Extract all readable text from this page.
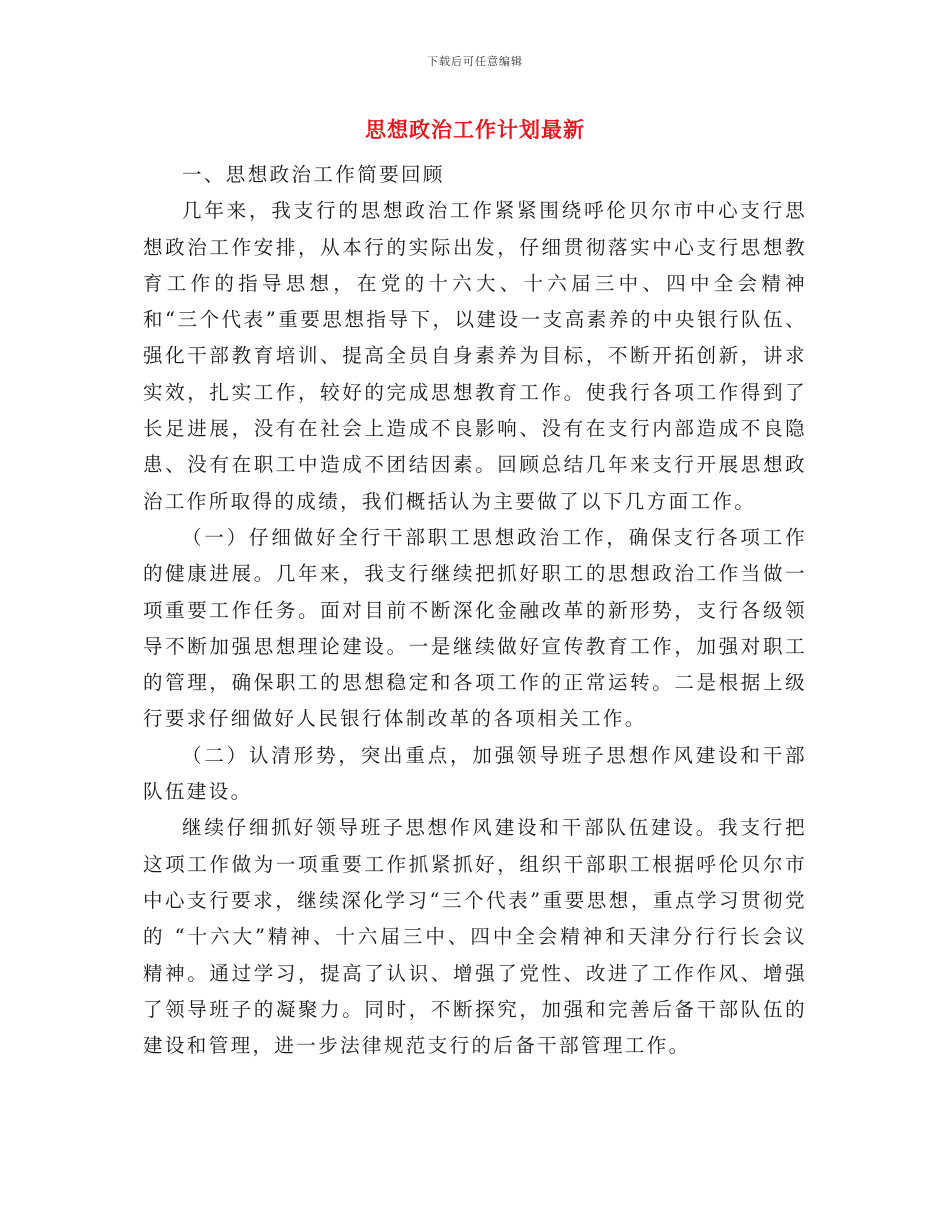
下载后可任意编辑
思想政治工作计划最新

一、思想政治工作简要回顾

几年来，我支行的思想政治工作紧紧围绕呼伦贝尔市中心支行思想政治工作安排，从本行的实际出发，仔细贯彻落实中心支行思想教育工作的指导思想，在党的十六大、十六届三中、四中全会精神和“三个代表”重要思想指导下，以建设一支高素养的中央银行队伍、强化干部教育培训、提高全员自身素养为目标，不断开拓创新，讲求实效，扎实工作，较好的完成思想教育工作。使我行各项工作得到了长足进展，没有在社会上造成不良影响、没有在支行内部造成不良隐患、没有在职工中造成不团结因素。回顾总结几年来支行开展思想政治工作所取得的成绩，我们概括认为主要做了以下几方面工作。

（一）仔细做好全行干部职工思想政治工作，确保支行各项工作的健康进展。几年来，我支行继续把抓好职工的思想政治工作当做一项重要工作任务。面对目前不断深化金融改革的新形势，支行各级领导不断加强思想理论建设。一是继续做好宣传教育工作，加强对职工的管理，确保职工的思想稳定和各项工作的正常运转。二是根据上级行要求仔细做好人民银行体制改革的各项相关工作。

（二）认清形势，突出重点，加强领导班子思想作风建设和干部队伍建设。

继续仔细抓好领导班子思想作风建设和干部队伍建设。我支行把这项工作做为一项重要工作抓紧抓好，组织干部职工根据呼伦贝尔市中心支行要求，继续深化学习“三个代表”重要思想，重点学习贯彻党的 “十六大”精神、十六届三中、四中全会精神和天津分行行长会议精神。通过学习，提高了认识、增强了党性、改进了工作作风、增强了领导班子的凝聚力。同时，不断探究，加强和完善后备干部队伍的建设和管理，进一步法律规范支行的后备干部管理工作。
